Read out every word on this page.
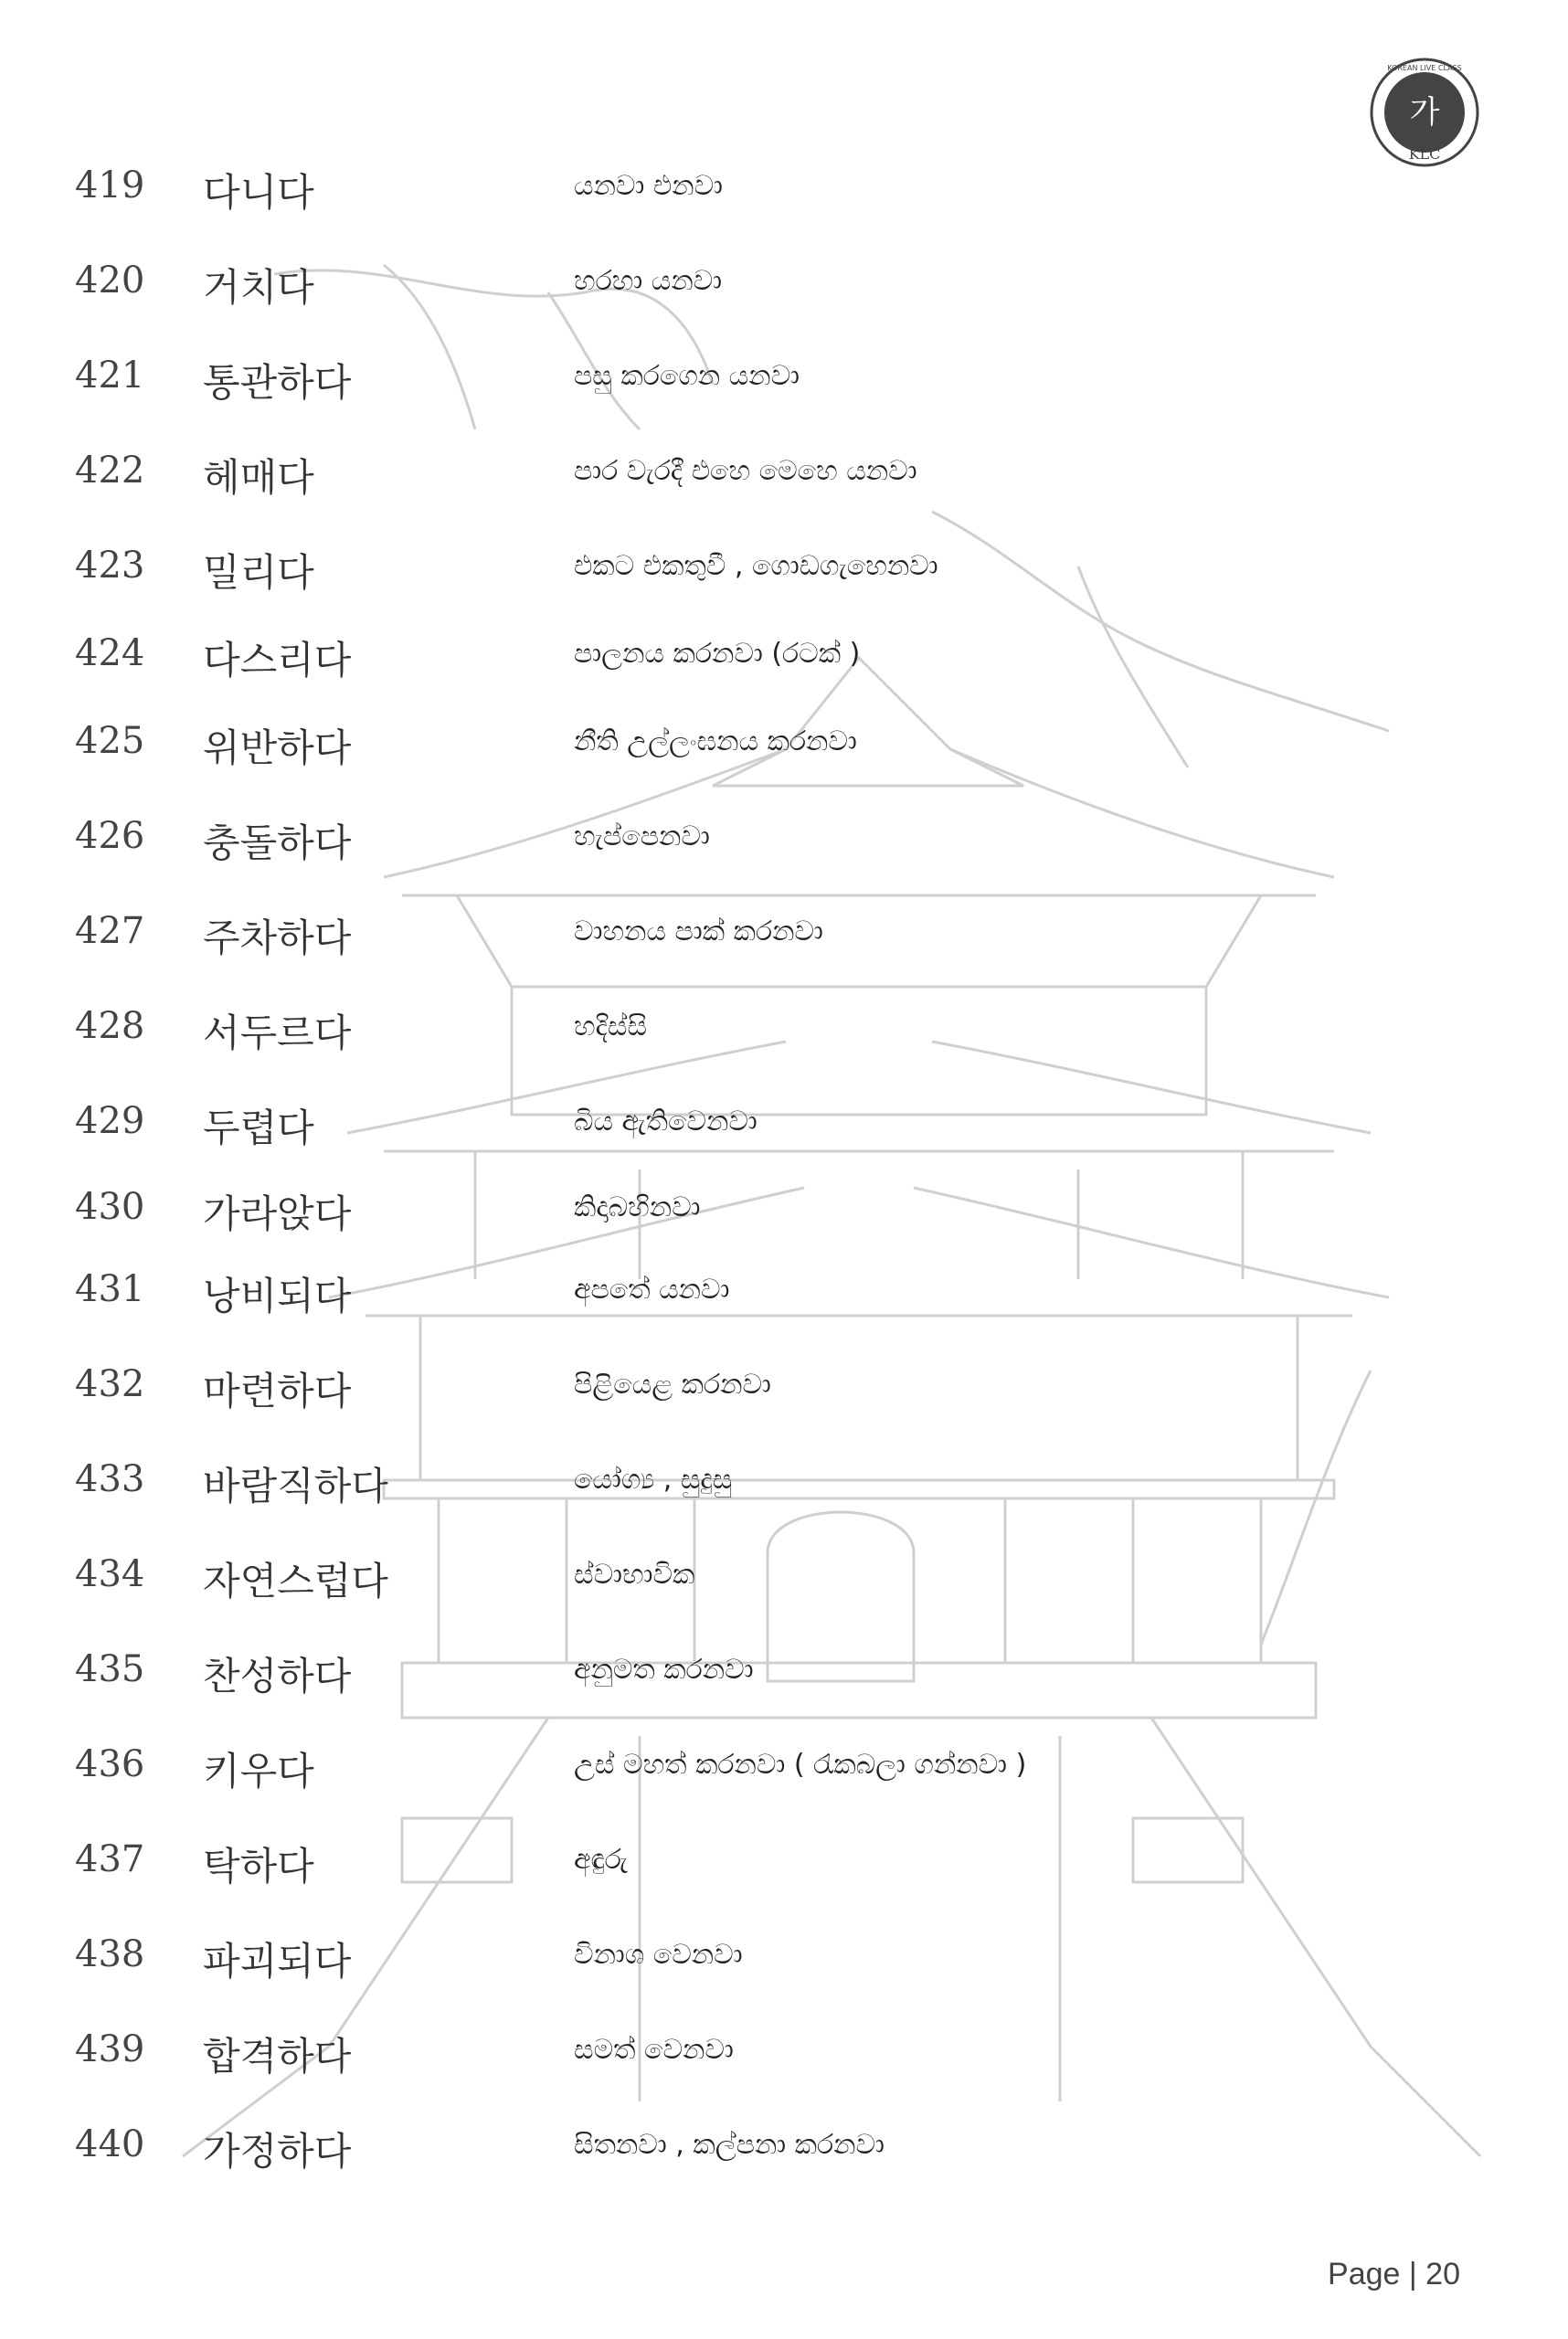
가
KLC
KOREAN LIVE CLASS
419	다니다	යනවා එනවා
420	거치다	හරහා යනවා
421	통관하다	පසු කරගෙන යනවා
422	헤매다	පාර වැරදී එහෙ මෙහෙ යනවා
423	밀리다	එකට එකතුවී , ගොඩගැහෙනවා
424	다스리다	පාලනය කරනවා (රටක් )
425	위반하다	නීති උල්ලංඝනය කරනවා
426	충돌하다	හැප්පෙනවා
427	주차하다	වාහනය පාක් කරනවා
428	서두르다	හදිස්සි
429	두렵다	බිය ඇතිවෙනවා
430	가라앉다	කිදාබහිනවා
431	낭비되다	අපතේ යනවා
432	마련하다	පිළියෙළ කරනවා
433	바람직하다	යෝග්‍ය , සුදුසු
434	자연스럽다	ස්වාභාවික
435	찬성하다	අනුමත කරනවා
436	키우다	උස් මහත් කරනවා ( රැකබලා ගන්නවා )
437	탁하다	අඳුරු
438	파괴되다	විනාශ වෙනවා
439	합격하다	සමත් වෙනවා
440	가정하다	සිතනවා , කල්පනා කරනවා
Page | 20
